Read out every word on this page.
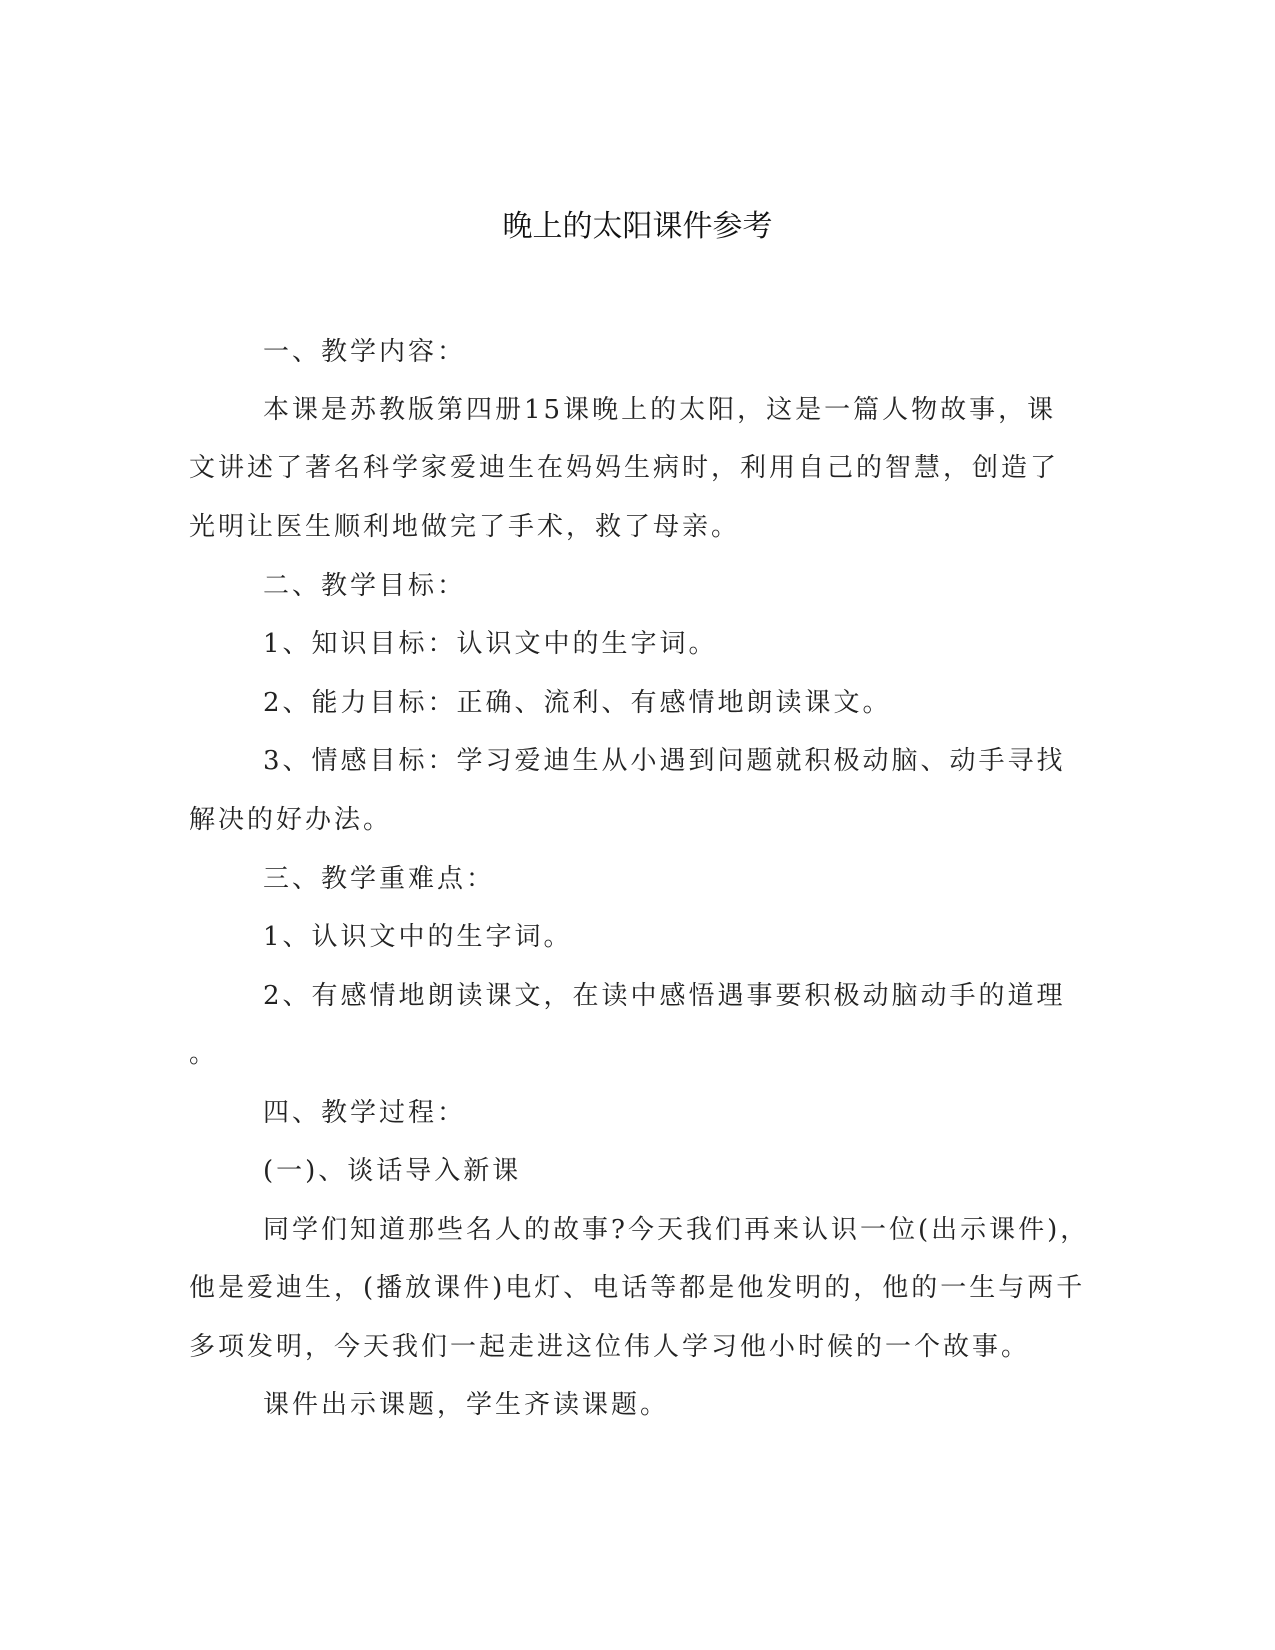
晚上的太阳课件参考
一、教学内容：
本课是苏教版第四册15课晚上的太阳，这是一篇人物故事，课
文讲述了著名科学家爱迪生在妈妈生病时，利用自己的智慧，创造了
光明让医生顺利地做完了手术，救了母亲。
二、教学目标：
1、知识目标：认识文中的生字词。
2、能力目标：正确、流利、有感情地朗读课文。
3、情感目标：学习爱迪生从小遇到问题就积极动脑、动手寻找
解决的好办法。
三、教学重难点：
1、认识文中的生字词。
2、有感情地朗读课文，在读中感悟遇事要积极动脑动手的道理
。
四、教学过程：
(一)、谈话导入新课
同学们知道那些名人的故事?今天我们再来认识一位(出示课件)，
他是爱迪生，(播放课件)电灯、电话等都是他发明的，他的一生与两千
多项发明，今天我们一起走进这位伟人学习他小时候的一个故事。
课件出示课题，学生齐读课题。
